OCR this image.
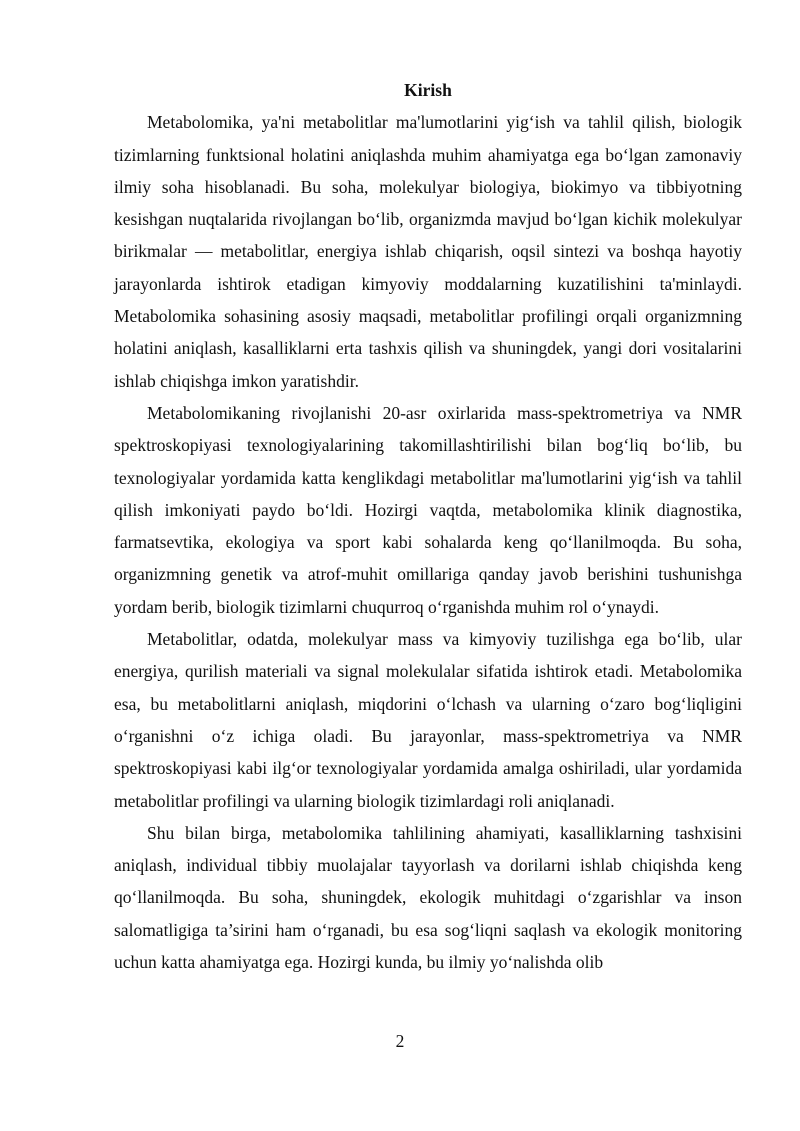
Kirish

Metabolomika, ya'ni metabolitlar ma'lumotlarini yig‘ish va tahlil qilish, biologik tizimlarning funktsional holatini aniqlashda muhim ahamiyatga ega bo‘lgan zamonaviy ilmiy soha hisoblanadi. Bu soha, molekulyar biologiya, biokimyo va tibbiyotning kesishgan nuqtalarida rivojlangan bo‘lib, organizmda mavjud bo‘lgan kichik molekulyar birikmalar — metabolitlar, energiya ishlab chiqarish, oqsil sintezi va boshqa hayotiy jarayonlarda ishtirok etadigan kimyoviy moddalarning kuzatilishini ta'minlaydi. Metabolomika sohasining asosiy maqsadi, metabolitlar profilingi orqali organizmning holatini aniqlash, kasalliklarni erta tashxis qilish va shuningdek, yangi dori vositalarini ishlab chiqishga imkon yaratishdir.

Metabolomikaning rivojlanishi 20-asr oxirlarida mass-spektrometriya va NMR spektroskopiyasi texnologiyalarining takomillashtirilishi bilan bog‘liq bo‘lib, bu texnologiyalar yordamida katta kenglikdagi metabolitlar ma'lumotlarini yig‘ish va tahlil qilish imkoniyati paydo bo‘ldi. Hozirgi vaqtda, metabolomika klinik diagnostika, farmatsevtika, ekologiya va sport kabi sohalarda keng qo‘llanilmoqda. Bu soha, organizmning genetik va atrof-muhit omillariga qanday javob berishini tushunishga yordam berib, biologik tizimlarni chuqurroq o‘rganishda muhim rol o‘ynaydi.

Metabolitlar, odatda, molekulyar mass va kimyoviy tuzilishga ega bo‘lib, ular energiya, qurilish materiali va signal molekulalar sifatida ishtirok etadi. Metabolomika esa, bu metabolitlarni aniqlash, miqdorini o‘lchash va ularning o‘zaro bog‘liqligini o‘rganishni o‘z ichiga oladi. Bu jarayonlar, mass-spektrometriya va NMR spektroskopiyasi kabi ilg‘or texnologiyalar yordamida amalga oshiriladi, ular yordamida metabolitlar profilingi va ularning biologik tizimlardagi roli aniqlanadi.

Shu bilan birga, metabolomika tahlilining ahamiyati, kasalliklarning tashxisini aniqlash, individual tibbiy muolajalar tayyorlash va dorilarni ishlab chiqishda keng qo‘llanilmoqda. Bu soha, shuningdek, ekologik muhitdagi o‘zgarishlar va inson salomatligiga ta’sirini ham o‘rganadi, bu esa sog‘liqni saqlash va ekologik monitoring uchun katta ahamiyatga ega. Hozirgi kunda, bu ilmiy yo‘nalishda olib

2
